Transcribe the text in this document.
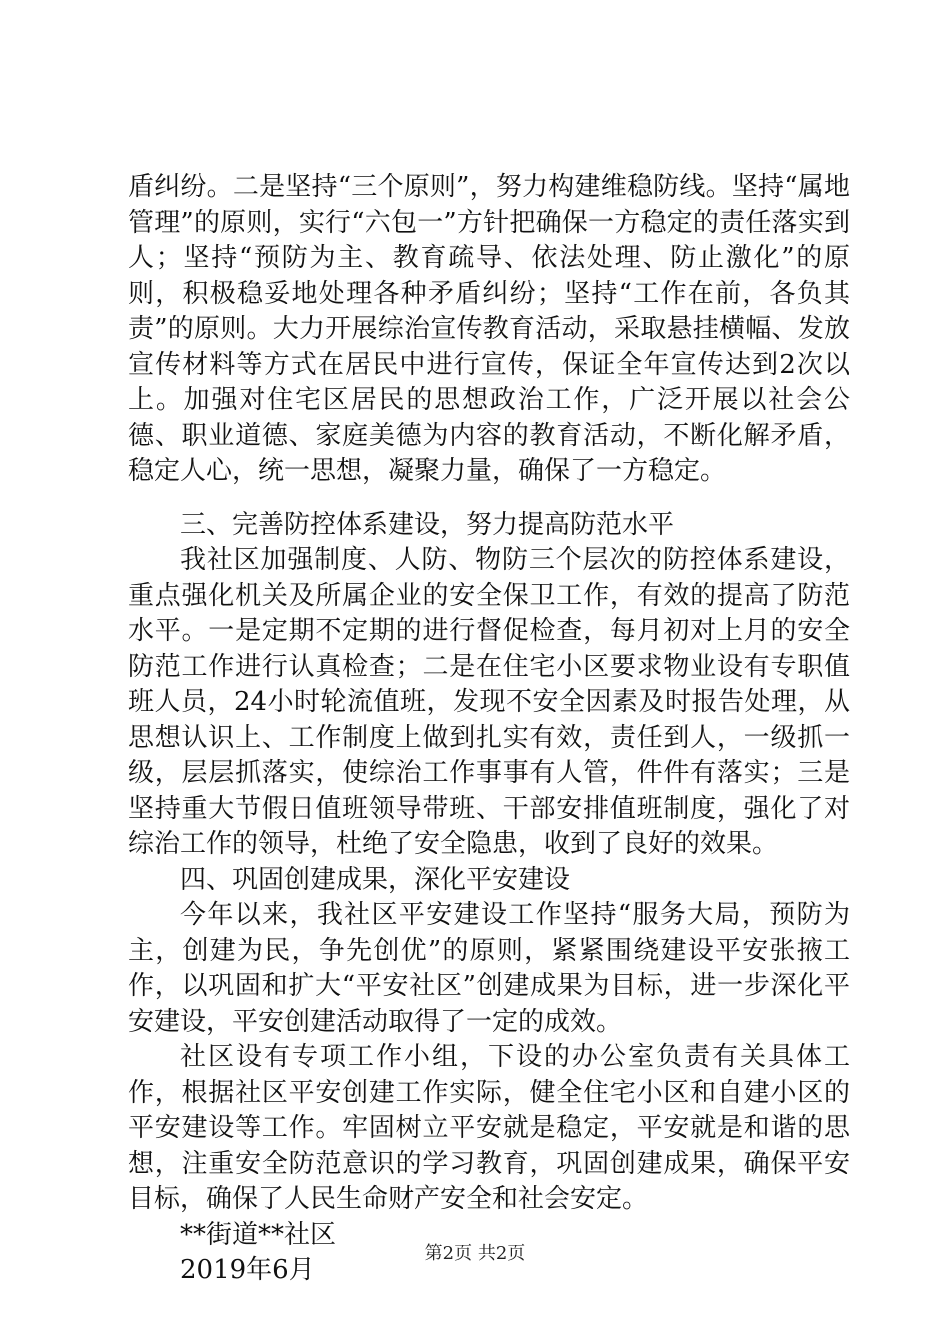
盾纠纷。二是坚持“三个原则”，努力构建维稳防线。坚持“属地管理”的原则，实行“六包一”方针把确保一方稳定的责任落实到人；坚持“预防为主、教育疏导、依法处理、防止激化”的原则，积极稳妥地处理各种矛盾纠纷；坚持“工作在前，各负其责”的原则。大力开展综治宣传教育活动，采取悬挂横幅、发放宣传材料等方式在居民中进行宣传，保证全年宣传达到2次以上。加强对住宅区居民的思想政治工作，广泛开展以社会公德、职业道德、家庭美德为内容的教育活动，不断化解矛盾，稳定人心，统一思想，凝聚力量，确保了一方稳定。

三、完善防控体系建设，努力提高防范水平

我社区加强制度、人防、物防三个层次的防控体系建设，重点强化机关及所属企业的安全保卫工作，有效的提高了防范水平。一是定期不定期的进行督促检查，每月初对上月的安全防范工作进行认真检查；二是在住宅小区要求物业设有专职值班人员，24小时轮流值班，发现不安全因素及时报告处理，从思想认识上、工作制度上做到扎实有效，责任到人，一级抓一级，层层抓落实，使综治工作事事有人管，件件有落实；三是坚持重大节假日值班领导带班、干部安排值班制度，强化了对综治工作的领导，杜绝了安全隐患，收到了良好的效果。

四、巩固创建成果，深化平安建设

今年以来，我社区平安建设工作坚持“服务大局，预防为主，创建为民，争先创优”的原则，紧紧围绕建设平安张掖工作，以巩固和扩大“平安社区”创建成果为目标，进一步深化平安建设，平安创建活动取得了一定的成效。

社区设有专项工作小组，下设的办公室负责有关具体工作，根据社区平安创建工作实际，健全住宅小区和自建小区的平安建设等工作。牢固树立平安就是稳定，平安就是和谐的思想，注重安全防范意识的学习教育，巩固创建成果，确保平安目标，确保了人民生命财产安全和社会安定。

**街道**社区

2019年6月

第2页 共2页
